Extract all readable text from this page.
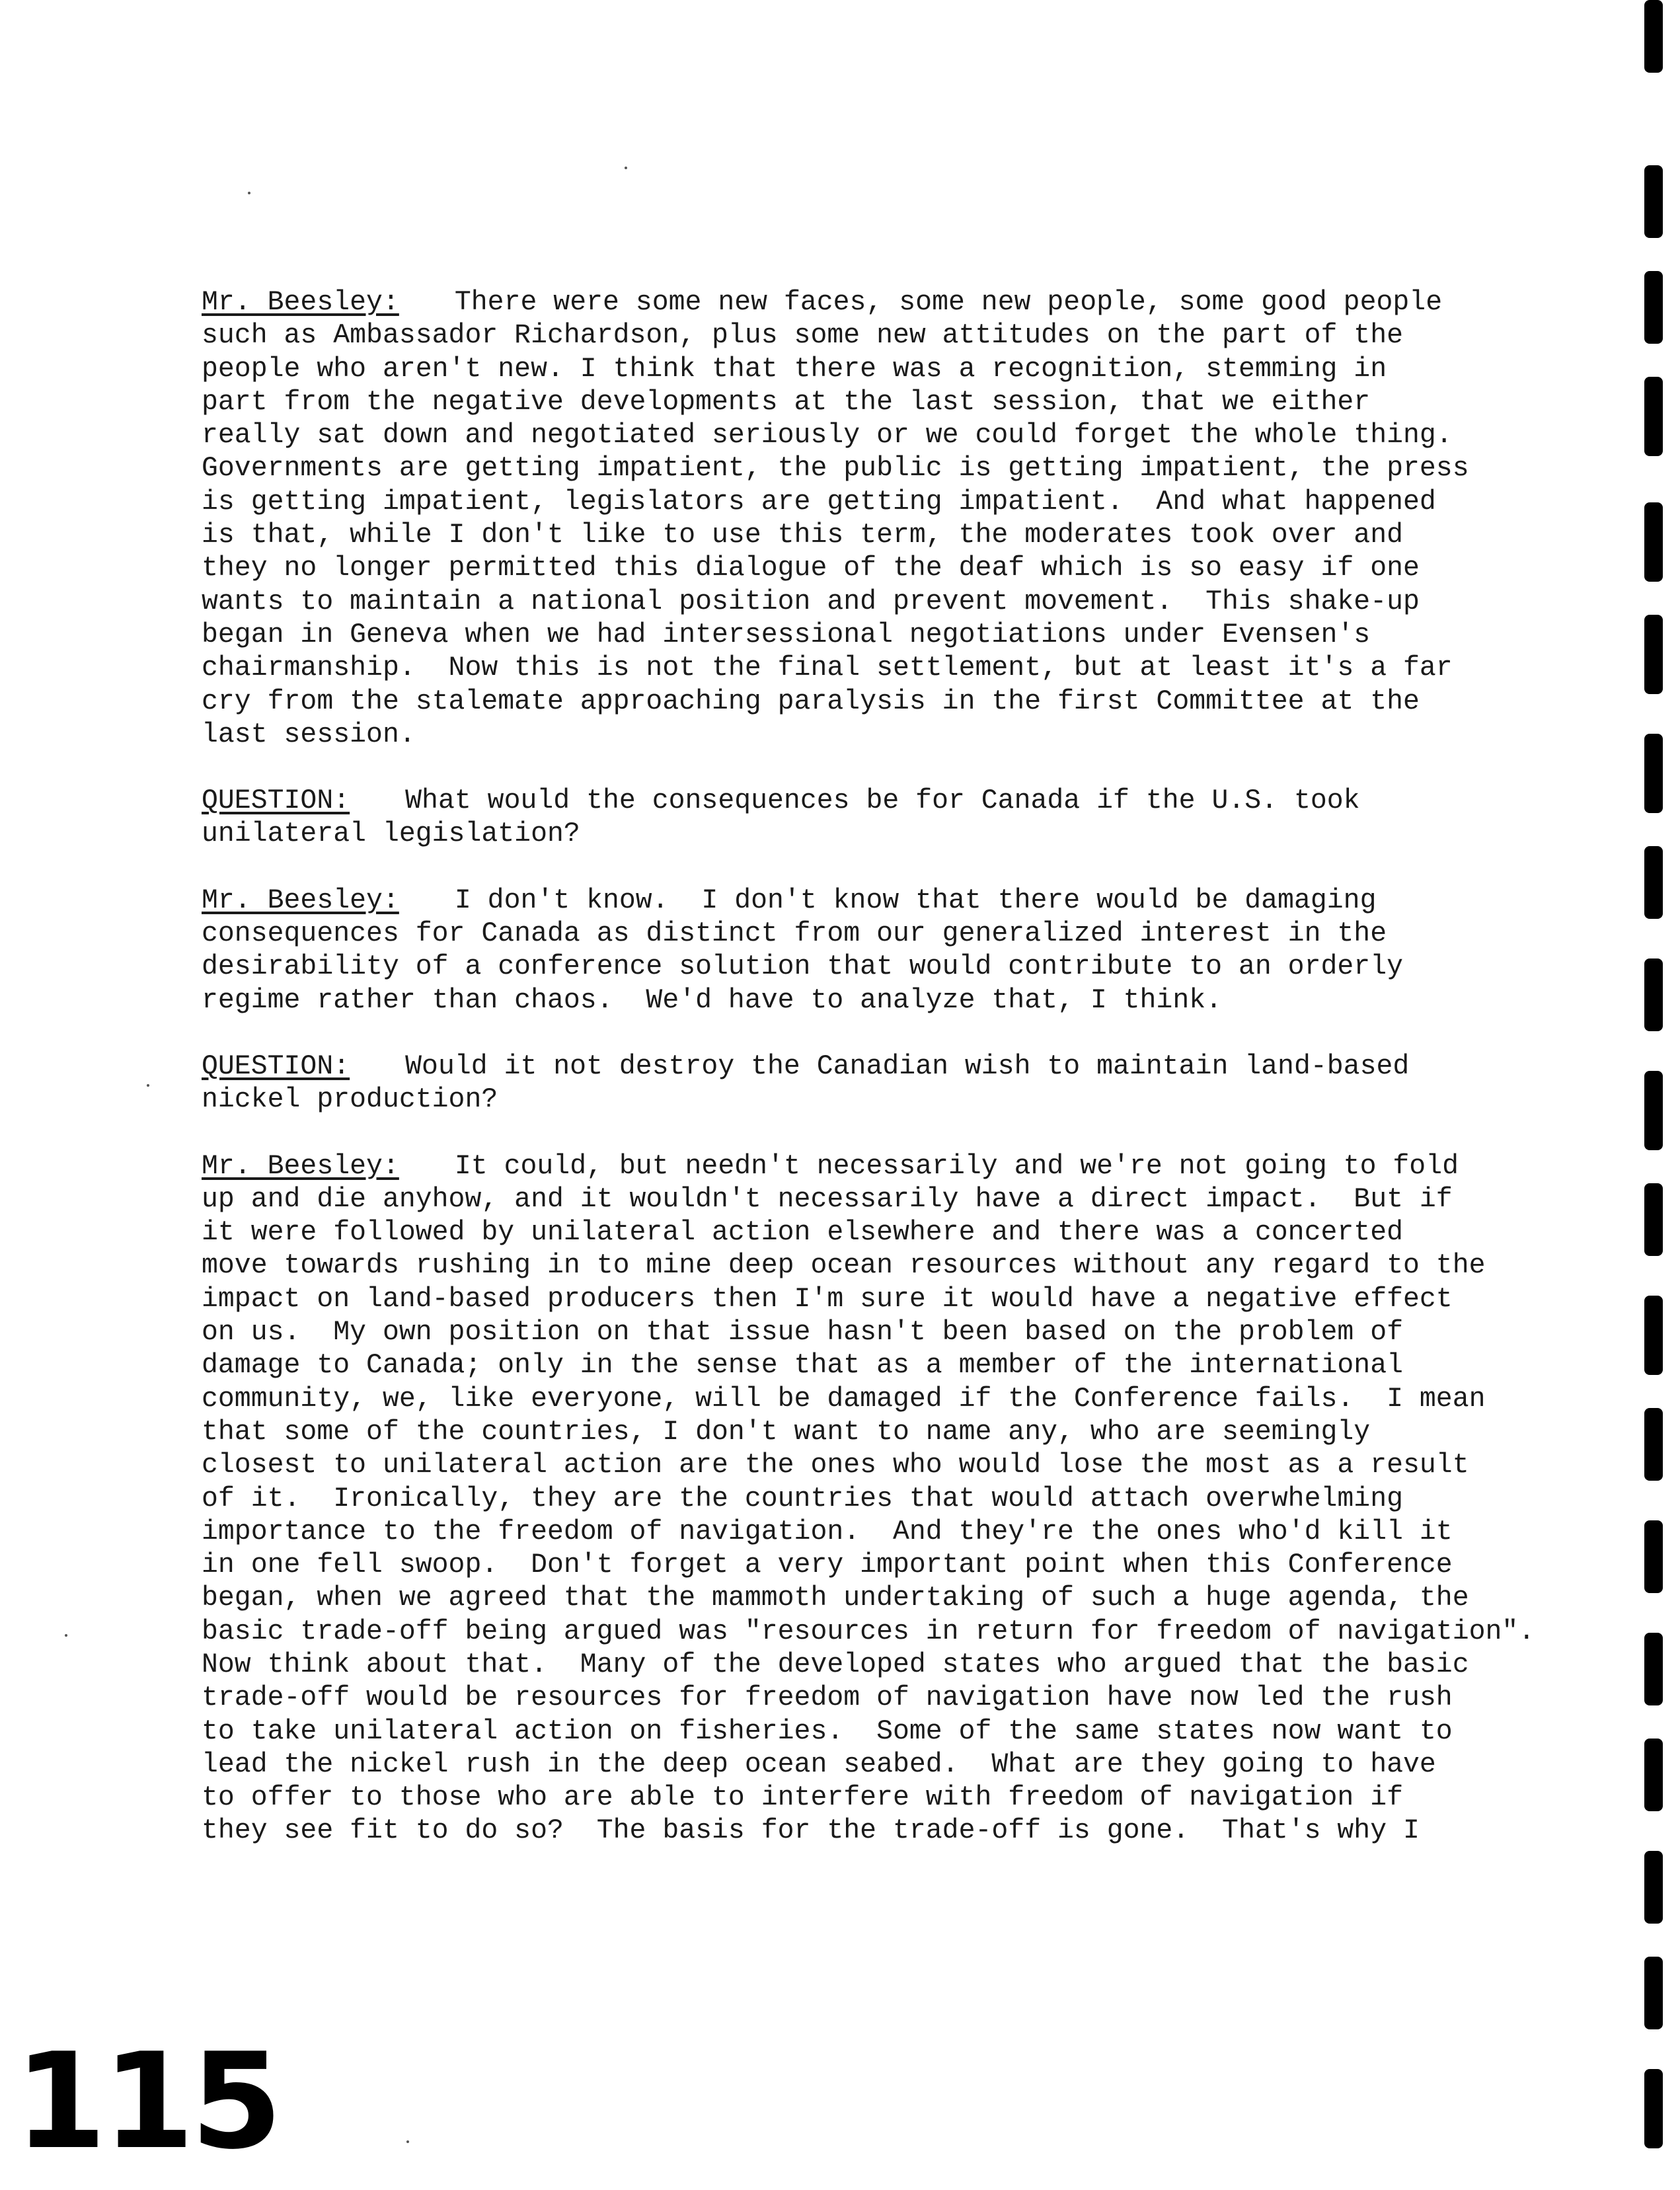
Mr. Beesley: There were some new faces, some new people, some good people
such as Ambassador Richardson, plus some new attitudes on the part of the
people who aren't new. I think that there was a recognition, stemming in
part from the negative developments at the last session, that we either
really sat down and negotiated seriously or we could forget the whole thing.
Governments are getting impatient, the public is getting impatient, the press
is getting impatient, legislators are getting impatient.  And what happened
is that, while I don't like to use this term, the moderates took over and
they no longer permitted this dialogue of the deaf which is so easy if one
wants to maintain a national position and prevent movement.  This shake-up
began in Geneva when we had intersessional negotiations under Evensen's
chairmanship.  Now this is not the final settlement, but at least it's a far
cry from the stalemate approaching paralysis in the first Committee at the
last session.
QUESTION: What would the consequences be for Canada if the U.S. took
unilateral legislation?
Mr. Beesley: I don't know.  I don't know that there would be damaging
consequences for Canada as distinct from our generalized interest in the
desirability of a conference solution that would contribute to an orderly
regime rather than chaos.  We'd have to analyze that, I think.
QUESTION: Would it not destroy the Canadian wish to maintain land-based
nickel production?
Mr. Beesley: It could, but needn't necessarily and we're not going to fold
up and die anyhow, and it wouldn't necessarily have a direct impact.  But if
it were followed by unilateral action elsewhere and there was a concerted
move towards rushing in to mine deep ocean resources without any regard to the
impact on land-based producers then I'm sure it would have a negative effect
on us.  My own position on that issue hasn't been based on the problem of
damage to Canada; only in the sense that as a member of the international
community, we, like everyone, will be damaged if the Conference fails.  I mean
that some of the countries, I don't want to name any, who are seemingly
closest to unilateral action are the ones who would lose the most as a result
of it.  Ironically, they are the countries that would attach overwhelming
importance to the freedom of navigation.  And they're the ones who'd kill it
in one fell swoop.  Don't forget a very important point when this Conference
began, when we agreed that the mammoth undertaking of such a huge agenda, the
basic trade-off being argued was "resources in return for freedom of navigation".
Now think about that.  Many of the developed states who argued that the basic
trade-off would be resources for freedom of navigation have now led the rush
to take unilateral action on fisheries.  Some of the same states now want to
lead the nickel rush in the deep ocean seabed.  What are they going to have
to offer to those who are able to interfere with freedom of navigation if
they see fit to do so?  The basis for the trade-off is gone.  That's why I
115
